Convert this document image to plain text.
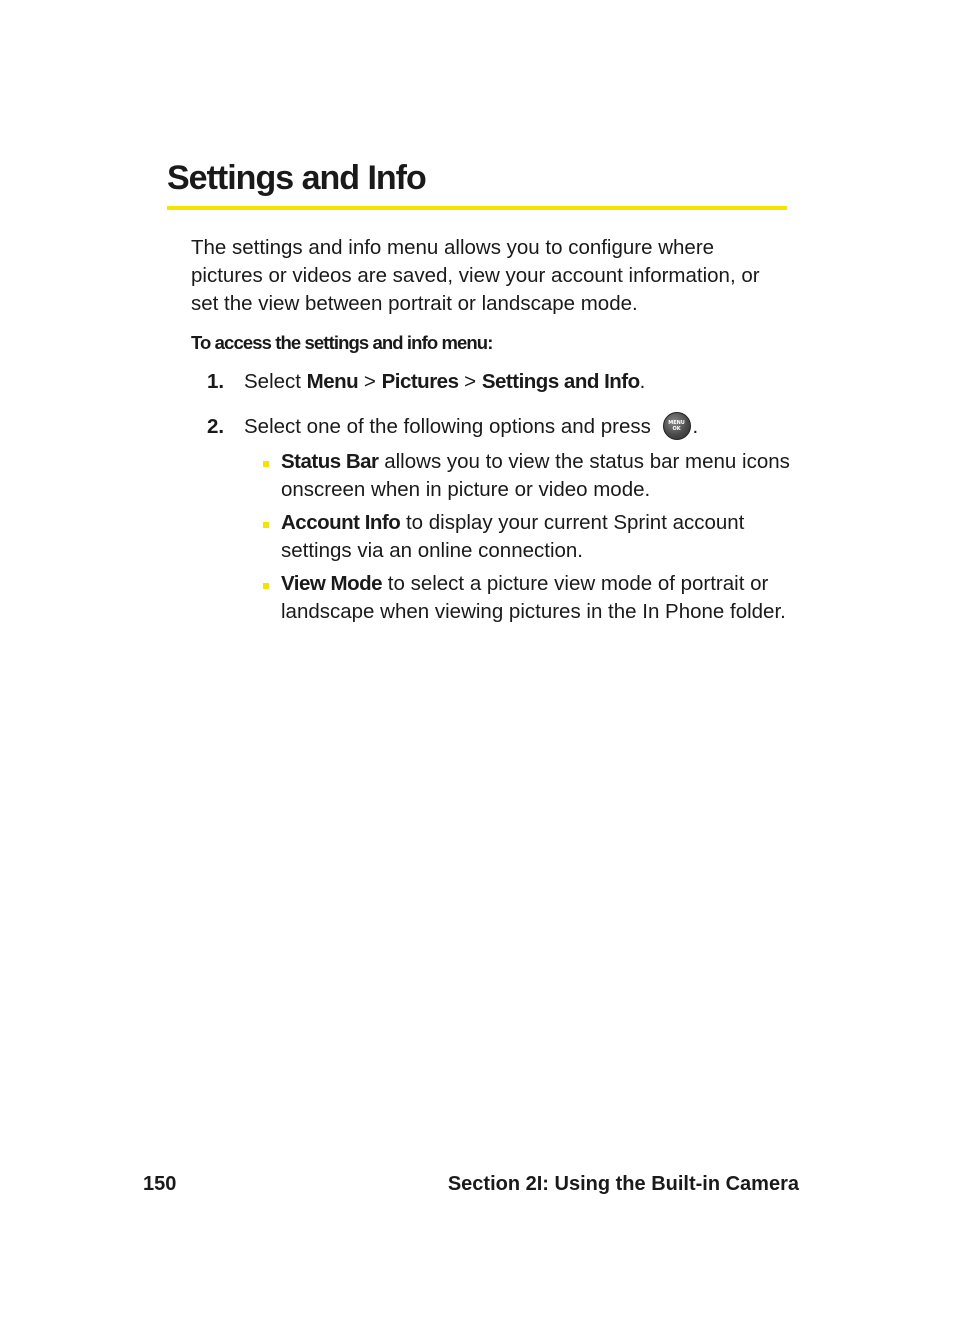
Settings and Info

The settings and info menu allows you to configure where pictures or videos are saved, view your account information, or set the view between portrait or landscape mode.

To access the settings and info menu:

1. Select Menu > Pictures > Settings and Info.
2. Select one of the following options and press	MENU
OK .
Status Bar allows you to view the status bar menu icons onscreen when in picture or video mode.
Account Info to display your current Sprint account settings via an online connection.
View Mode to select a picture view mode of portrait or landscape when viewing pictures in the In Phone folder.
150	Section 2I: Using the Built-in Camera
